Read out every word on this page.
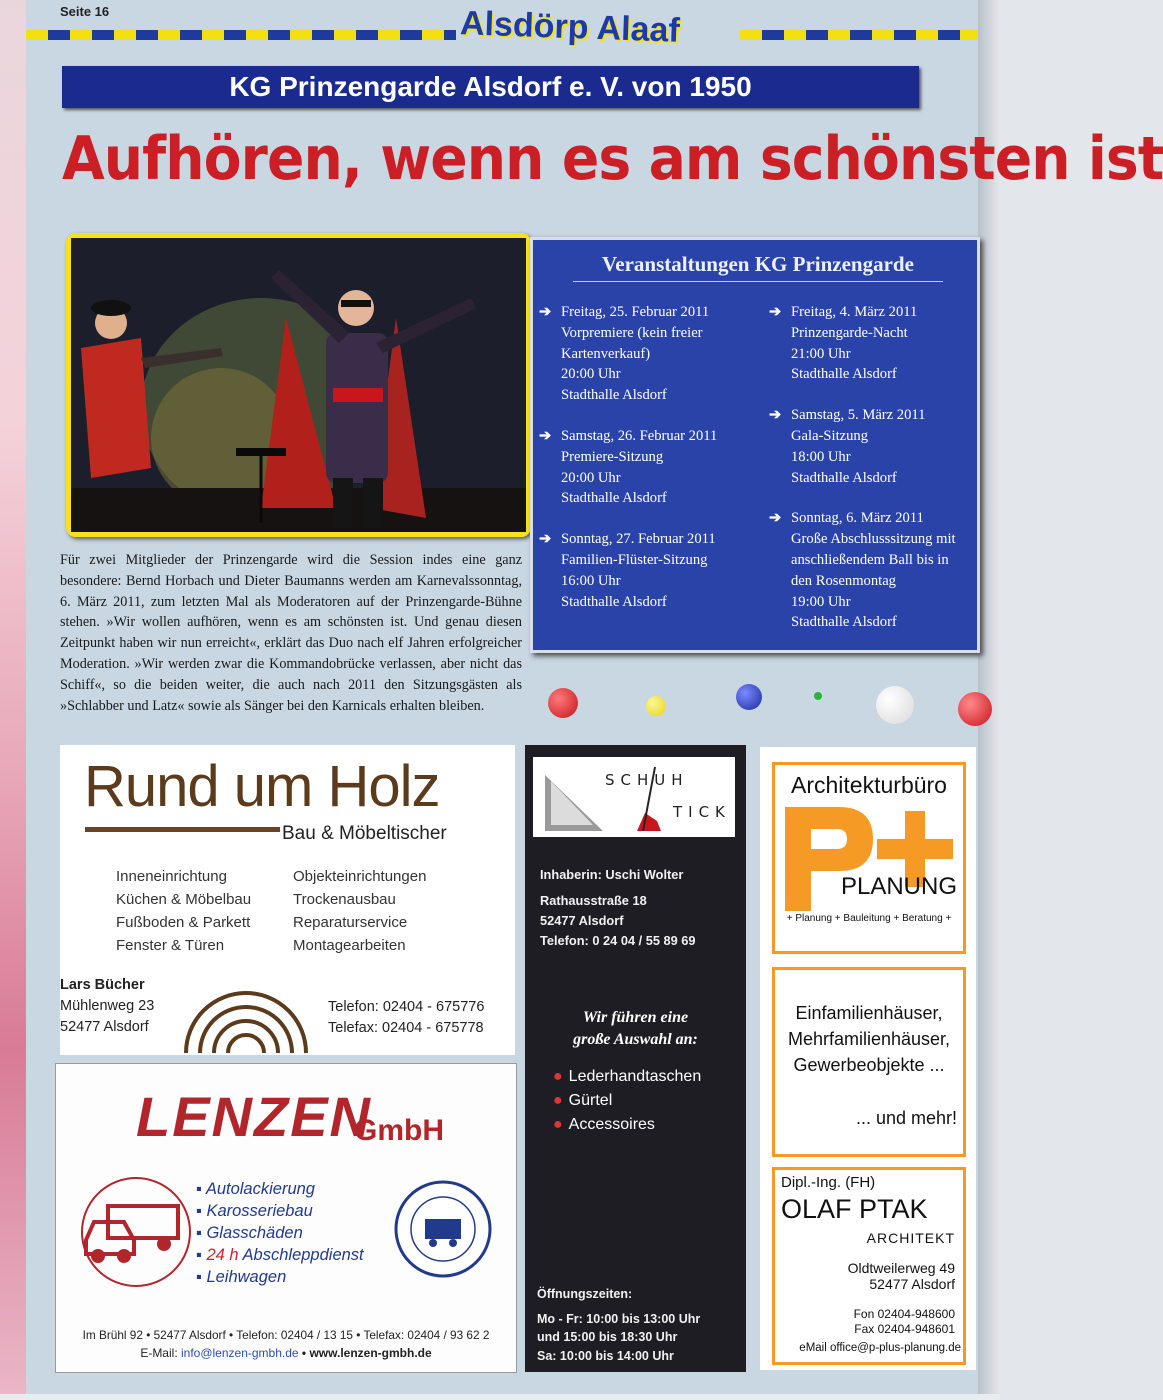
Seite 16	Alsdörp Alaaf
KG Prinzengarde Alsdorf e. V. von 1950
Aufhören, wenn es am schönsten ist
Für zwei Mitglieder der Prinzengarde wird die Session indes eine ganz besondere: Bernd Horbach und Dieter Baumanns werden am Karnevalssonntag, 6. März 2011, zum letzten Mal als Moderatoren auf der Prinzengarde-Bühne stehen. »Wir wollen aufhören, wenn es am schönsten ist. Und genau diesen Zeitpunkt haben wir nun erreicht«, erklärt das Duo nach elf Jahren erfolgreicher Moderation. »Wir werden zwar die Kommandobrücke verlassen, aber nicht das Schiff«, so die beiden weiter, die auch nach 2011 den Sitzungsgästen als »Schlabber und Latz« sowie als Sänger bei den Karnicals erhalten bleiben.
Veranstaltungen KG Prinzengarde
➔ Freitag, 25. Februar 2011
Vorpremiere (kein freier
Kartenverkauf)
20:00 Uhr
Stadthalle Alsdorf
➔ Samstag, 26. Februar 2011
Premiere-Sitzung
20:00 Uhr
Stadthalle Alsdorf
➔ Sonntag, 27. Februar 2011
Familien-Flüster-Sitzung
16:00 Uhr
Stadthalle Alsdorf
➔ Freitag, 4. März 2011
Prinzengarde-Nacht
21:00 Uhr
Stadthalle Alsdorf
➔ Samstag, 5. März 2011
Gala-Sitzung
18:00 Uhr
Stadthalle Alsdorf
➔ Sonntag, 6. März 2011
Große Abschlusssitzung mit
anschließendem Ball bis in
den Rosenmontag
19:00 Uhr
Stadthalle Alsdorf
Rund um Holz
Bau & Möbeltischer
Inneneinrichtung
Küchen & Möbelbau
Fußboden & Parkett
Fenster & Türen
Objekteinrichtungen
Trockenausbau
Reparaturservice
Montagearbeiten
Lars Bücher
Mühlenweg 23
52477 Alsdorf
Telefon: 02404 - 675776
Telefax: 02404 - 675778
LENZEN
GmbH
▪ Autolackierung
▪ Karosseriebau
▪ Glasschäden
▪ 24 h Abschleppdienst
▪ Leihwagen
Im Brühl 92 • 52477 Alsdorf • Telefon: 02404 / 13 15 • Telefax: 02404 / 93 62 2
E-Mail: info@lenzen-gmbh.de • www.lenzen-gmbh.de
SCHUH
TICK
Inhaberin: Uschi Wolter
Rathausstraße 18
52477 Alsdorf
Telefon: 0 24 04 / 55 89 69
Wir führen eine
große Auswahl an:
● Lederhandtaschen
● Gürtel
● Accessoires
Öffnungszeiten:
Mo - Fr: 10:00 bis 13:00 Uhr
und 15:00 bis 18:30 Uhr
Sa: 10:00 bis 14:00 Uhr
Architekturbüro
PLANUNG
+ Planung + Bauleitung + Beratung +
Einfamilienhäuser,
Mehrfamilienhäuser,
Gewerbeobjekte ...
... und mehr!
Dipl.-Ing. (FH)
OLAF PTAK
ARCHITEKT
Oldtweilerweg 49
52477 Alsdorf
Fon 02404-948600
Fax 02404-948601
eMail office@p-plus-planung.de
